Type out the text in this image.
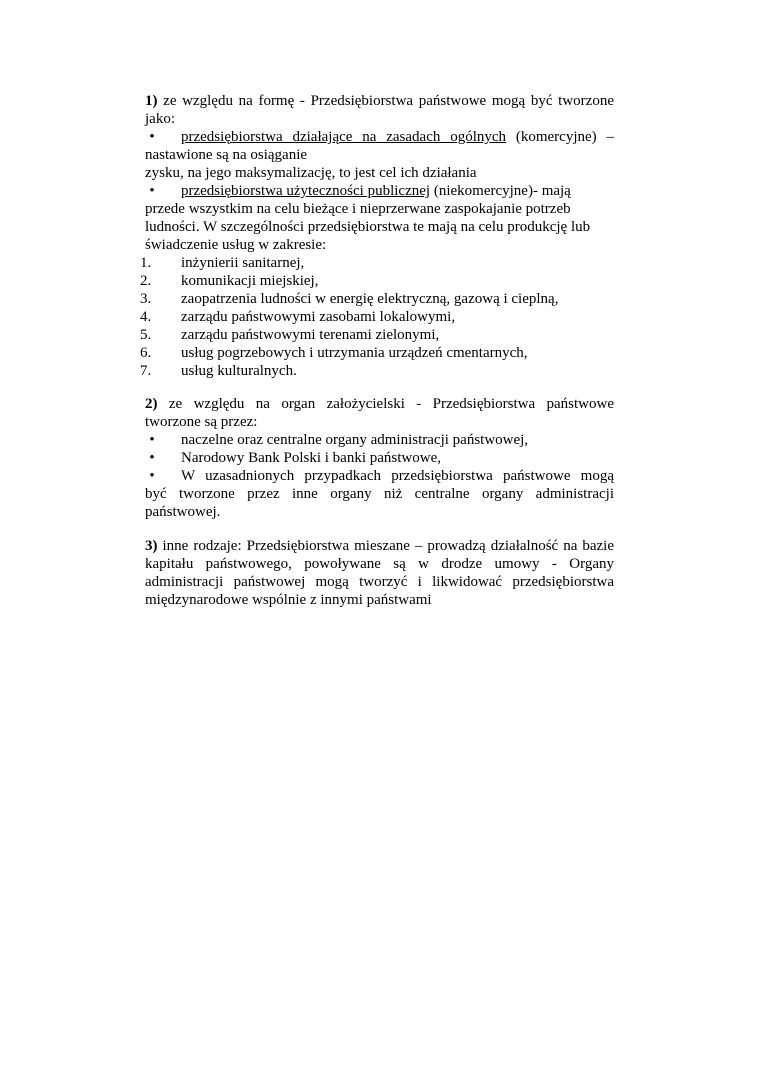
1) ze względu na formę - Przedsiębiorstwa państwowe mogą być tworzone
jako:
• przedsiębiorstwa działające na zasadach ogólnych (komercyjne) –
nastawione są na osiąganie
zysku, na jego maksymalizację, to jest cel ich działania
• przedsiębiorstwa użyteczności publicznej (niekomercyjne)- mają
przede wszystkim na celu bieżące i nieprzerwane zaspokajanie potrzeb
ludności. W szczególności przedsiębiorstwa te mają na celu produkcję lub
świadczenie usług w zakresie:
1. inżynierii sanitarnej,
2. komunikacji miejskiej,
3. zaopatrzenia ludności w energię elektryczną, gazową i cieplną,
4. zarządu państwowymi zasobami lokalowymi,
5. zarządu państwowymi terenami zielonymi,
6. usług pogrzebowych i utrzymania urządzeń cmentarnych,
7. usług kulturalnych.
2) ze względu na organ założycielski - Przedsiębiorstwa państwowe
tworzone są przez:
• naczelne oraz centralne organy administracji państwowej,
• Narodowy Bank Polski i banki państwowe,
• W uzasadnionych przypadkach przedsiębiorstwa państwowe mogą
być tworzone przez inne organy niż centralne organy administracji
państwowej.
3) inne rodzaje: Przedsiębiorstwa mieszane – prowadzą działalność na bazie
kapitału państwowego, powoływane są w drodze umowy - Organy
administracji państwowej mogą tworzyć i likwidować przedsiębiorstwa
międzynarodowe wspólnie z innymi państwami
